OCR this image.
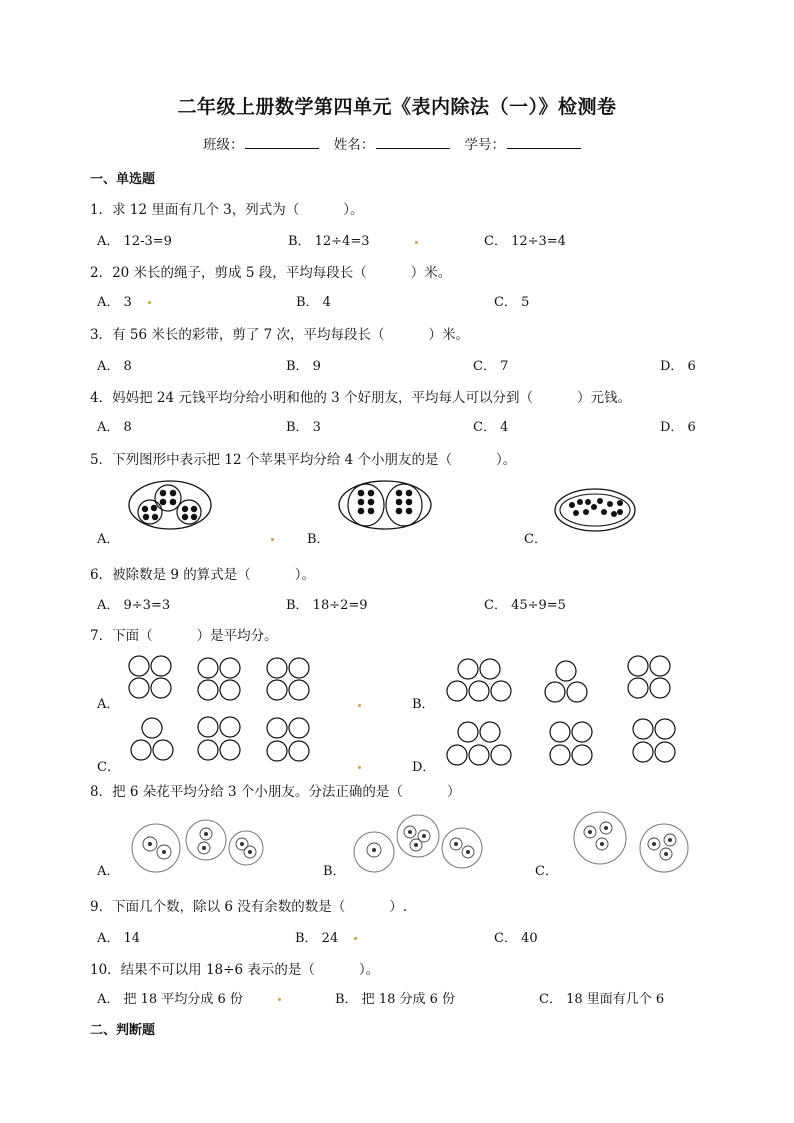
二年级上册数学第四单元《表内除法（一）》检测卷
班级：	姓名：	学号：
一、单选题
1．求 12 里面有几个 3，列式为（	）。
A． 12-3=9	B． 12÷4=3	C． 12÷3=4
2．20 米长的绳子，剪成 5 段，平均每段长（	）米。
A． 3	B． 4	C． 5
3．有 56 米长的彩带，剪了 7 次，平均每段长（	）米。
A． 8	B． 9	C． 7	D． 6
4．妈妈把 24 元钱平均分给小明和他的 3 个好朋友，平均每人可以分到（	）元钱。
A． 8	B． 3	C． 4	D． 6
5．下列图形中表示把 12 个苹果平均分给 4 个小朋友的是（	）。
A．	B．	C．
6．被除数是 9 的算式是（	）。
A． 9÷3=3	B． 18÷2=9	C． 45÷9=5
7．下面（	）是平均分。
A．	B．
C．	D．
8．把 6 朵花平均分给 3 个小朋友。分法正确的是（	）
A．	B．	C．
9．下面几个数，除以 6 没有余数的数是（	）.
A． 14	B． 24	C． 40
10．结果不可以用 18÷6 表示的是（	）。
A． 把 18 平均分成 6 份	B． 把 18 分成 6 份	C． 18 里面有几个 6
二、判断题
